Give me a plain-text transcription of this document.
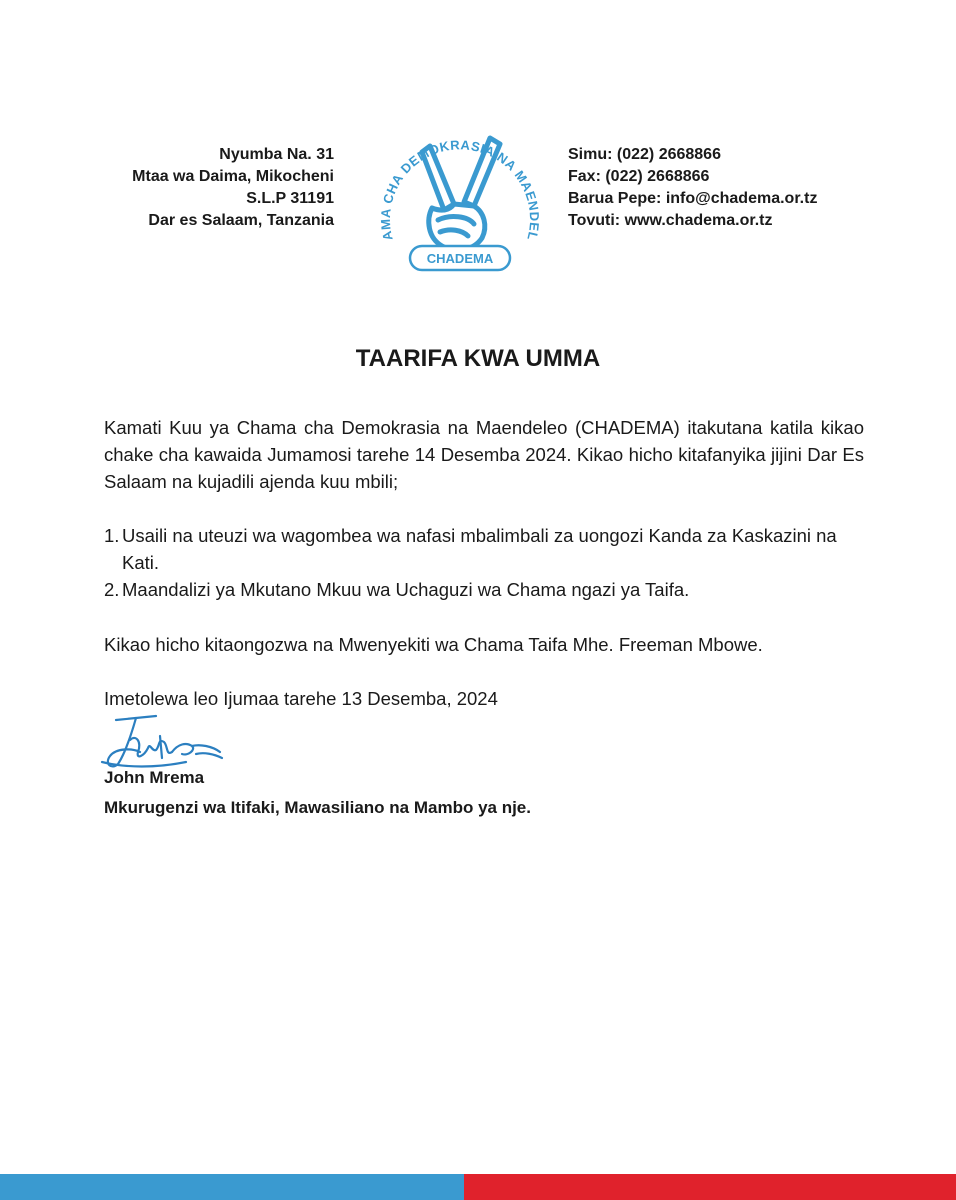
Nyumba Na. 31
Mtaa wa Daima, Mikocheni
S.L.P 31191
Dar es Salaam, Tanzania
AMA CHA DEMOKRASIA NA MAENDEL
CHADEMA
Simu: (022) 2668866
Fax: (022) 2668866
Barua Pepe: info@chadema.or.tz
Tovuti: www.chadema.or.tz
TAARIFA KWA UMMA
Kamati Kuu ya Chama cha Demokrasia na Maendeleo (CHADEMA) itakutana katila kikao chake cha kawaida Jumamosi tarehe 14 Desemba 2024. Kikao hicho kitafanyika jijini Dar Es Salaam na kujadili ajenda kuu mbili;
1. Usaili na uteuzi wa wagombea wa nafasi mbalimbali za uongozi Kanda za Kaskazini na Kati.
2. Maandalizi ya Mkutano Mkuu wa Uchaguzi wa Chama ngazi ya Taifa.
Kikao hicho kitaongozwa na Mwenyekiti wa Chama Taifa Mhe. Freeman Mbowe.
Imetolewa leo Ijumaa tarehe 13 Desemba, 2024
John Mrema
Mkurugenzi wa Itifaki, Mawasiliano na Mambo ya nje.
